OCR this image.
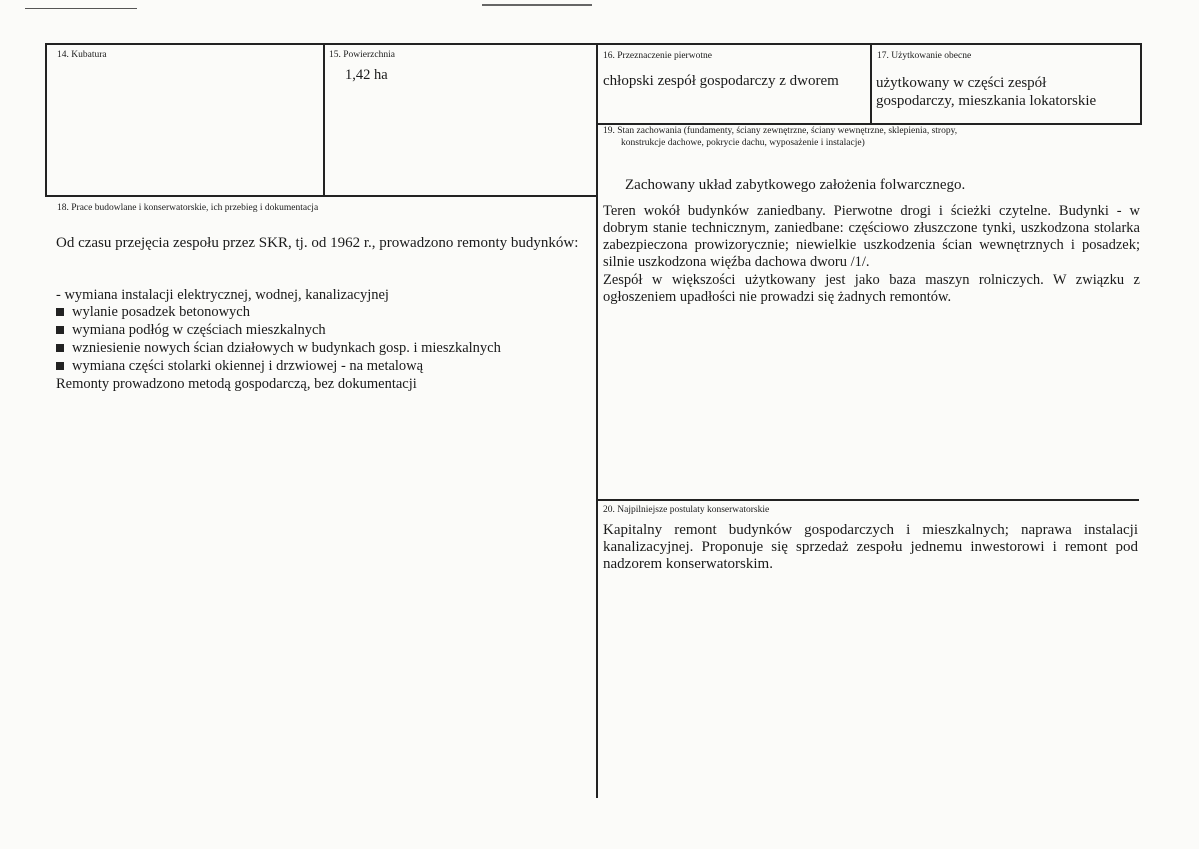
14. Kubatura	15. Powierzchnia
1,42 ha
16. Przeznaczenie pierwotne
chłopski zespół gospodarczy z dworem
17. Użytkowanie obecne
użytkowany w części zespół
gospodarczy, mieszkania lokatorskie
19. Stan zachowania (fundamenty, ściany zewnętrzne, ściany wewnętrzne, sklepienia, stropy,
konstrukcje dachowe, pokrycie dachu, wyposażenie i instalacje)
Zachowany układ zabytkowego założenia folwarcznego.
Teren wokół budynków zaniedbany. Pierwotne drogi i ścieżki czytelne. Budynki - w dobrym stanie technicznym, zaniedbane: częściowo złuszczone tynki, uszkodzona stolarka zabezpieczona prowizorycznie; niewielkie uszkodzenia ścian wewnętrznych i posadzek; silnie uszkodzona więźba dachowa dworu /1/.
Zespół w większości użytkowany jest jako baza maszyn rolniczych. W związku z ogłoszeniem upadłości nie prowadzi się żadnych remontów.
18. Prace budowlane i konserwatorskie, ich przebieg i dokumentacja
Od czasu przejęcia zespołu przez SKR, tj. od 1962 r., prowadzono remonty budynków:
- wymiana instalacji elektrycznej, wodnej, kanalizacyjnej
wylanie posadzek betonowych
wymiana podłóg w częściach mieszkalnych
wzniesienie nowych ścian działowych w budynkach gosp. i mieszkalnych
wymiana części stolarki okiennej i drzwiowej - na metalową
Remonty prowadzono metodą gospodarczą, bez dokumentacji
20. Najpilniejsze postulaty konserwatorskie
Kapitalny remont budynków gospodarczych i mieszkalnych; naprawa instalacji kanalizacyjnej. Proponuje się sprzedaż zespołu jednemu inwestorowi i remont pod nadzorem konserwatorskim.
